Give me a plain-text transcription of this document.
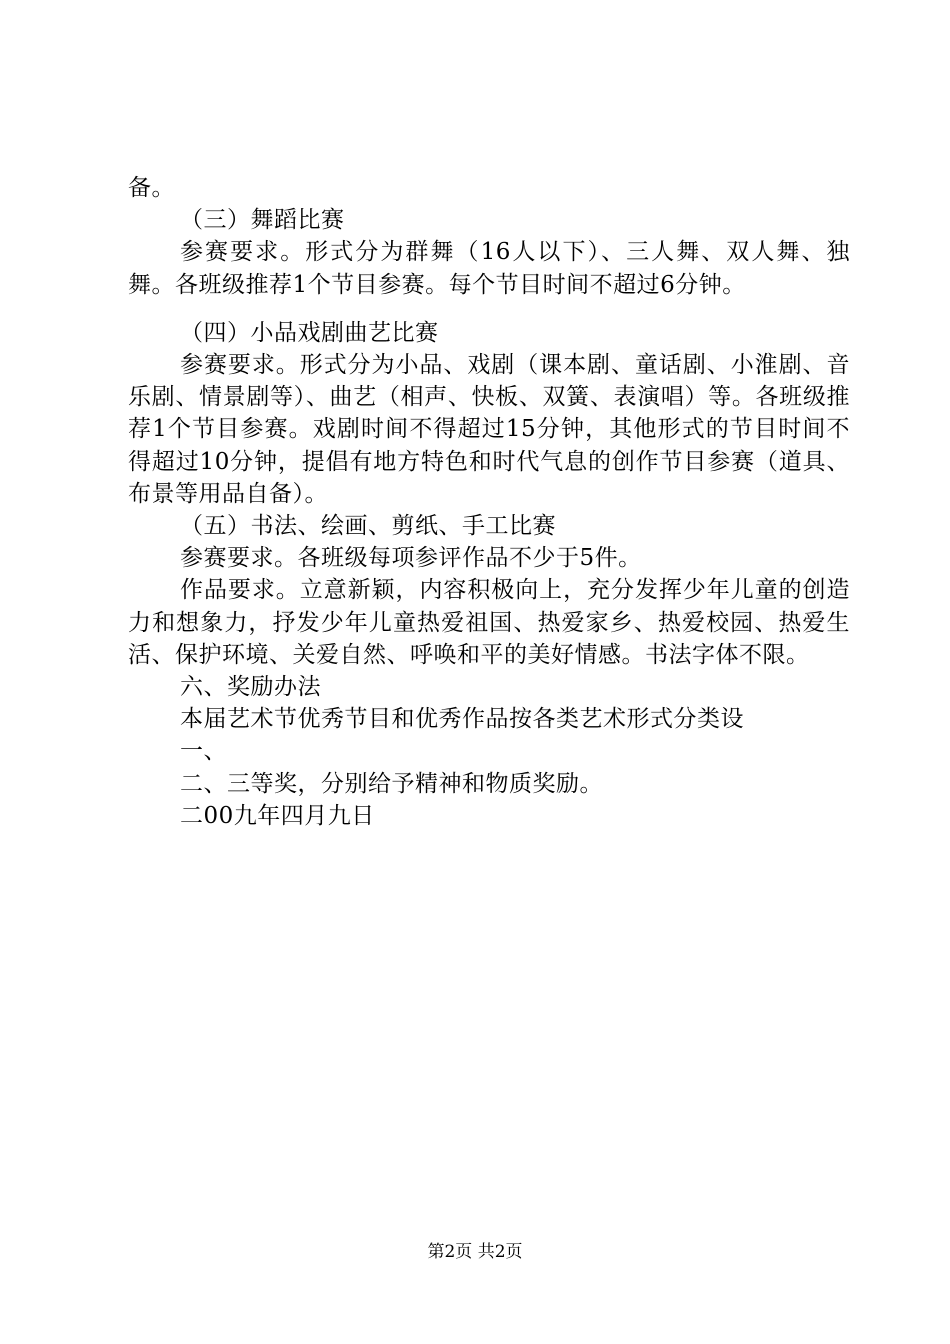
备。

（三）舞蹈比赛

参赛要求。形式分为群舞（16人以下）、三人舞、双人舞、独舞。各班级推荐1个节目参赛。每个节目时间不超过6分钟。

（四）小品戏剧曲艺比赛

参赛要求。形式分为小品、戏剧（课本剧、童话剧、小淮剧、音乐剧、情景剧等）、曲艺（相声、快板、双簧、表演唱）等。各班级推荐1个节目参赛。戏剧时间不得超过15分钟，其他形式的节目时间不得超过10分钟，提倡有地方特色和时代气息的创作节目参赛（道具、布景等用品自备）。

（五）书法、绘画、剪纸、手工比赛

参赛要求。各班级每项参评作品不少于5件。

作品要求。立意新颖，内容积极向上，充分发挥少年儿童的创造力和想象力，抒发少年儿童热爱祖国、热爱家乡、热爱校园、热爱生活、保护环境、关爱自然、呼唤和平的美好情感。书法字体不限。

六、奖励办法

本届艺术节优秀节目和优秀作品按各类艺术形式分类设

一、

二、三等奖，分别给予精神和物质奖励。

二00九年四月九日

第2页 共2页
